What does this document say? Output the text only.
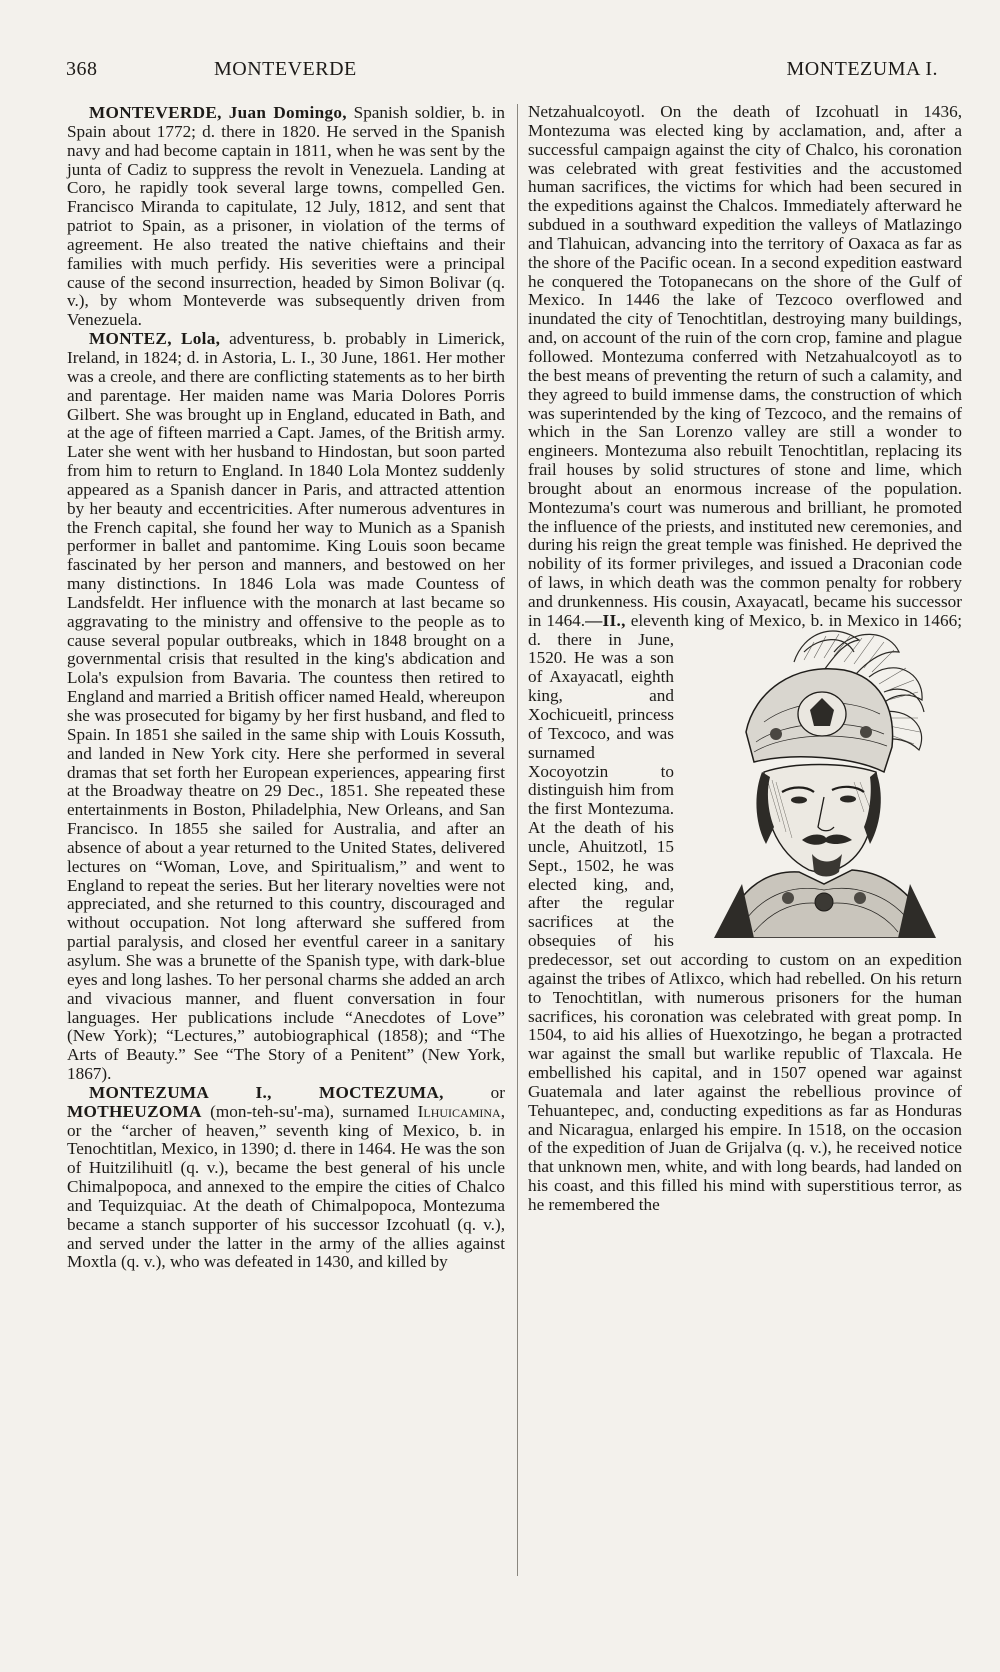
368	MONTEVERDE	MONTEZUMA I.

MONTEVERDE, Juan Domingo, Spanish soldier, b. in Spain about 1772; d. there in 1820. He served in the Spanish navy and had become captain in 1811, when he was sent by the junta of Cadiz to suppress the revolt in Venezuela. Landing at Coro, he rapidly took several large towns, compelled Gen. Francisco Miranda to capitulate, 12 July, 1812, and sent that patriot to Spain, as a prisoner, in violation of the terms of agreement. He also treated the native chieftains and their families with much perfidy. His severities were a principal cause of the second insurrection, headed by Simon Bolivar (q. v.), by whom Monteverde was subsequently driven from Venezuela.

MONTEZ, Lola, adventuress, b. probably in Limerick, Ireland, in 1824; d. in Astoria, L. I., 30 June, 1861. Her mother was a creole, and there are conflicting statements as to her birth and parentage. Her maiden name was Maria Dolores Porris Gilbert. She was brought up in England, educated in Bath, and at the age of fifteen married a Capt. James, of the British army. Later she went with her husband to Hindostan, but soon parted from him to return to England. In 1840 Lola Montez suddenly appeared as a Spanish dancer in Paris, and attracted attention by her beauty and eccentricities. After numerous adventures in the French capital, she found her way to Munich as a Spanish performer in ballet and pantomime. King Louis soon became fascinated by her person and manners, and bestowed on her many distinctions. In 1846 Lola was made Countess of Landsfeldt. Her influence with the monarch at last became so aggravating to the ministry and offensive to the people as to cause several popular outbreaks, which in 1848 brought on a governmental crisis that resulted in the king's abdication and Lola's expulsion from Bavaria. The countess then retired to England and married a British officer named Heald, whereupon she was prosecuted for bigamy by her first husband, and fled to Spain. In 1851 she sailed in the same ship with Louis Kossuth, and landed in New York city. Here she performed in several dramas that set forth her European experiences, appearing first at the Broadway theatre on 29 Dec., 1851. She repeated these entertainments in Boston, Philadelphia, New Orleans, and San Francisco. In 1855 she sailed for Australia, and after an absence of about a year returned to the United States, delivered lectures on “Woman, Love, and Spiritualism,” and went to England to repeat the series. But her literary novelties were not appreciated, and she returned to this country, discouraged and without occupation. Not long afterward she suffered from partial paralysis, and closed her eventful career in a sanitary asylum. She was a brunette of the Spanish type, with dark-blue eyes and long lashes. To her personal charms she added an arch and vivacious manner, and fluent conversation in four languages. Her publications include “Anecdotes of Love” (New York); “Lectures,” autobiographical (1858); and “The Arts of Beauty.” See “The Story of a Penitent” (New York, 1867).

MONTEZUMA I., MOCTEZUMA, or MOTHEUZOMA (mon-teh-su'-ma), surnamed Ilhuicamina, or the “archer of heaven,” seventh king of Mexico, b. in Tenochtitlan, Mexico, in 1390; d. there in 1464. He was the son of Huitzilihuitl (q. v.), became the best general of his uncle Chimalpopoca, and annexed to the empire the cities of Chalco and Tequizquiac. At the death of Chimalpopoca, Montezuma became a stanch supporter of his successor Izcohuatl (q. v.), and served under the latter in the army of the allies against Moxtla (q. v.), who was defeated in 1430, and killed by

Netzahualcoyotl. On the death of Izcohuatl in 1436, Montezuma was elected king by acclamation, and, after a successful campaign against the city of Chalco, his coronation was celebrated with great festivities and the accustomed human sacrifices, the victims for which had been secured in the expeditions against the Chalcos. Immediately afterward he subdued in a southward expedition the valleys of Matlazingo and Tlahuican, advancing into the territory of Oaxaca as far as the shore of the Pacific ocean. In a second expedition eastward he conquered the Totopanecans on the shore of the Gulf of Mexico. In 1446 the lake of Tezcoco overflowed and inundated the city of Tenochtitlan, destroying many buildings, and, on account of the ruin of the corn crop, famine and plague followed. Montezuma conferred with Netzahualcoyotl as to the best means of preventing the return of such a calamity, and they agreed to build immense dams, the construction of which was superintended by the king of Tezcoco, and the remains of which in the San Lorenzo valley are still a wonder to engineers. Montezuma also rebuilt Tenochtitlan, replacing its frail houses by solid structures of stone and lime, which brought about an enormous increase of the population. Montezuma's court was numerous and brilliant, he promoted the influence of the priests, and instituted new ceremonies, and during his reign the great temple was finished. He deprived the nobility of its former privileges, and issued a Draconian code of laws, in which death was the common penalty for robbery and drunkenness. His cousin, Axayacatl, became his successor in 1464.—II.,
eleventh king of Mexico, b. in Mexico in 1466; d. there in June, 1520. He was a son of Axayacatl, eighth king, and Xochicueitl, princess of Texcoco, and was surnamed Xocoyotzin to distinguish him from the first Montezuma. At the death of his uncle, Ahuitzotl, 15 Sept., 1502, he was elected king, and, after the regular sacrifices at the obsequies of his predecessor, set out according to custom on an expedition against the tribes of Atlixco, which had rebelled. On his return to Tenochtitlan, with numerous prisoners for the human sacrifices, his coronation was celebrated with great pomp. In 1504, to aid his allies of Huexotzingo, he began a protracted war against the small but warlike republic of Tlaxcala. He embellished his capital, and in 1507 opened war against Guatemala and later against the rebellious province of Tehuantepec, and, conducting expeditions as far as Honduras and Nicaragua, enlarged his empire. In 1518, on the occasion of the expedition of Juan de Grijalva (q. v.), he received notice that unknown men, white, and with long beards, had landed on his coast, and this filled his mind with superstitious terror, as he remembered the
